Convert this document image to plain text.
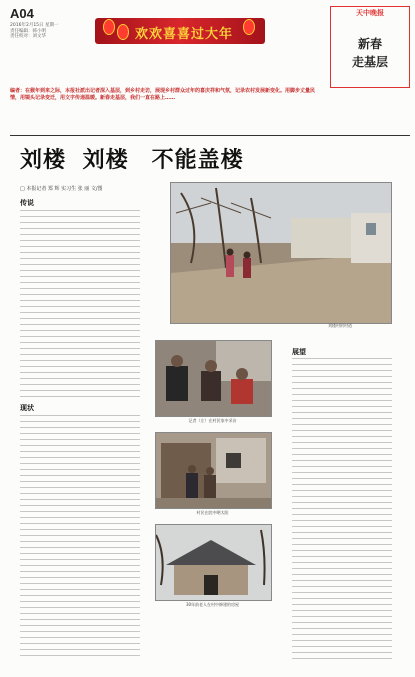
A04
2016年2月15日 星期一
责任编辑：韩小明
责任校对：刘文华	欢欢喜喜过大年
天中晚报
新春
走基层
编者：在猴年到来之际，本报社派出记者深入基层，到乡村走访，展现乡村群众过年的喜庆祥和气氛，记录农村发展新变化。用脚步丈量民情，用镜头记录变迁，用文字传递温暖。新春走基层，我们一直在路上……
刘楼 刘楼　不能盖楼
□ 本报记者 郑 辉 实习生 张 丽 文/图
传说
现状
刘楼村的村道
记者（左）在村民家中采访
村民在院中晒太阳
30年前老人在村中修建的房屋
展望
